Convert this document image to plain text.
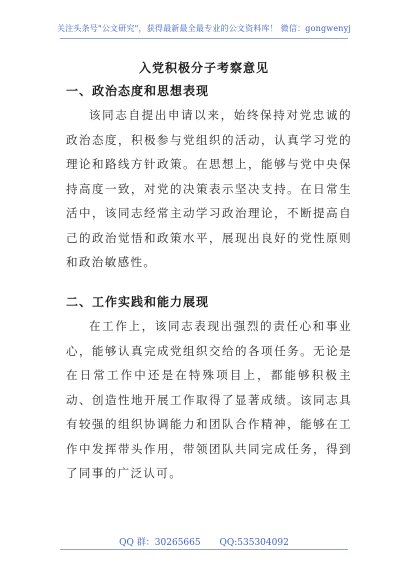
关注头条号"公文研究"，获得最新最全最专业的公文资料库！ 微信：gongwenyj
入党积极分子考察意见
一、政治态度和思想表现

该同志自提出申请以来，始终保持对党忠诚的政治态度，积极参与党组织的活动，认真学习党的理论和路线方针政策。在思想上，能够与党中央保持高度一致，对党的决策表示坚决支持。在日常生活中，该同志经常主动学习政治理论，不断提高自己的政治觉悟和政策水平，展现出良好的党性原则和政治敏感性。

二、工作实践和能力展现

在工作上，该同志表现出强烈的责任心和事业心，能够认真完成党组织交给的各项任务。无论是在日常工作中还是在特殊项目上，都能够积极主动、创造性地开展工作取得了显著成绩。该同志具有较强的组织协调能力和团队合作精神，能够在工作中发挥带头作用，带领团队共同完成任务，得到了同事的广泛认可。

QQ 群：30265665 QQ:535304092
